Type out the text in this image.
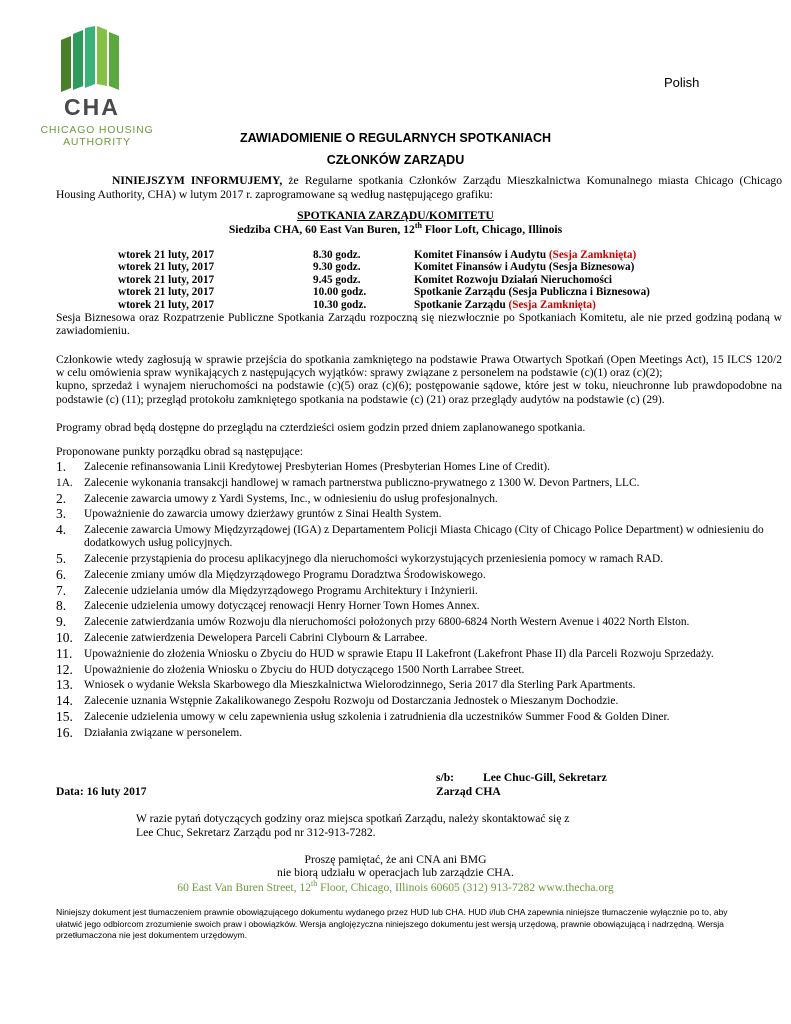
CHA
CHICAGO HOUSING
AUTHORITY
Polish
ZAWIADOMIENIE O REGULARNYCH SPOTKANIACH
CZŁONKÓW ZARZĄDU
NINIEJSZYM INFORMUJEMY, że Regularne spotkania Członków Zarządu Mieszkalnictwa Komunalnego miasta Chicago (Chicago Housing Authority, CHA) w lutym 2017 r. zaprogramowane są według następującego grafiku:
SPOTKANIA ZARZĄDU/KOMITETU
Siedziba CHA, 60 East Van Buren, 12th Floor Loft, Chicago, Illinois
wtorek 21 luty, 2017	8.30 godz.	Komitet Finansów i Audytu (Sesja Zamknięta)
wtorek 21 luty, 2017	9.30 godz.	Komitet Finansów i Audytu (Sesja Biznesowa)
wtorek 21 luty, 2017	9.45 godz.	Komitet Rozwoju Działań Nieruchomości
wtorek 21 luty, 2017	10.00 godz.	Spotkanie Zarządu (Sesja Publiczna i Biznesowa)
wtorek 21 luty, 2017	10.30 godz.	Spotkanie Zarządu (Sesja Zamknięta)
Sesja Biznesowa oraz Rozpatrzenie Publiczne Spotkania Zarządu rozpoczną się niezwłocznie po Spotkaniach Komitetu, ale nie przed godziną podaną w zawiadomieniu.
Członkowie wtedy zagłosują w sprawie przejścia do spotkania zamkniętego na podstawie Prawa Otwartych Spotkań (Open Meetings Act), 15 ILCS 120/2 w celu omówienia spraw wynikających z następujących wyjątków: sprawy związane z personelem na podstawie (c)(1) oraz (c)(2);
kupno, sprzedaż i wynajem nieruchomości na podstawie (c)(5) oraz (c)(6); postępowanie sądowe, które jest w toku, nieuchronne lub prawdopodobne na podstawie (c) (11); przegląd protokołu zamkniętego spotkania na podstawie (c) (21) oraz przeglądy audytów na podstawie (c) (29).
Programy obrad będą dostępne do przeglądu na czterdzieści osiem godzin przed dniem zaplanowanego spotkania.
Proponowane punkty porządku obrad są następujące:
1. Zalecenie refinansowania Linii Kredytowej Presbyterian Homes (Presbyterian Homes Line of Credit).
1A. Zalecenie wykonania transakcji handlowej w ramach partnerstwa publiczno-prywatnego z 1300 W. Devon Partners, LLC.
2. Zalecenie zawarcia umowy z Yardi Systems, Inc., w odniesieniu do usług profesjonalnych.
3. Upoważnienie do zawarcia umowy dzierżawy gruntów z Sinai Health System.
4. Zalecenie zawarcia Umowy Międzyrządowej (IGA) z Departamentem Policji Miasta Chicago (City of Chicago Police Department) w odniesieniu do dodatkowych usług policyjnych.
5. Zalecenie przystąpienia do procesu aplikacyjnego dla nieruchomości wykorzystujących przeniesienia pomocy w ramach RAD.
6. Zalecenie zmiany umów dla Międzyrządowego Programu Doradztwa Środowiskowego.
7. Zalecenie udzielania umów dla Międzyrządowego Programu Architektury i Inżynierii.
8. Zalecenie udzielenia umowy dotyczącej renowacji Henry Horner Town Homes Annex.
9. Zalecenie zatwierdzania umów Rozwoju dla nieruchomości położonych przy 6800-6824 North Western Avenue i 4022 North Elston.
10. Zalecenie zatwierdzenia Dewelopera Parceli Cabrini Clybourn & Larrabee.
11. Upoważnienie do złożenia Wniosku o Zbyciu do HUD w sprawie Etapu II Lakefront (Lakefront Phase II) dla Parceli Rozwoju Sprzedaży.
12. Upoważnienie do złożenia Wniosku o Zbyciu do HUD dotyczącego 1500 North Larrabee Street.
13. Wniosek o wydanie Weksla Skarbowego dla Mieszkalnictwa Wielorodzinnego, Seria 2017 dla Sterling Park Apartments.
14. Zalecenie uznania Wstępnie Zakalikowanego Zespołu Rozwoju od Dostarczania Jednostek o Mieszanym Dochodzie.
15. Zalecenie udzielenia umowy w celu zapewnienia usług szkolenia i zatrudnienia dla uczestników Summer Food & Golden Diner.
16. Działania związane w personelem.
s/b: Lee Chuc-Gill, Sekretarz
Zarząd CHA
Data: 16 luty 2017
W razie pytań dotyczących godziny oraz miejsca spotkań Zarządu, należy skontaktować się z
Lee Chuc, Sekretarz Zarządu pod nr 312-913-7282.
Proszę pamiętać, że ani CNA ani BMG
nie biorą udziału w operacjach lub zarządzie CHA.
60 East Van Buren Street, 12th Floor, Chicago, Illinois 60605 (312) 913-7282 www.thecha.org
Niniejszy dokument jest tłumaczeniem prawnie obowiązującego dokumentu wydanego przez HUD lub CHA. HUD i/lub CHA zapewnia niniejsze tłumaczenie wyłącznie po to, aby ułatwić jego odbiorcom zrozumienie swoich praw i obowiązków. Wersja anglojęzyczna niniejszego dokumentu jest wersją urzędową, prawnie obowiązującą i nadrzędną. Wersja przetłumaczona nie jest dokumentem urzędowym.
